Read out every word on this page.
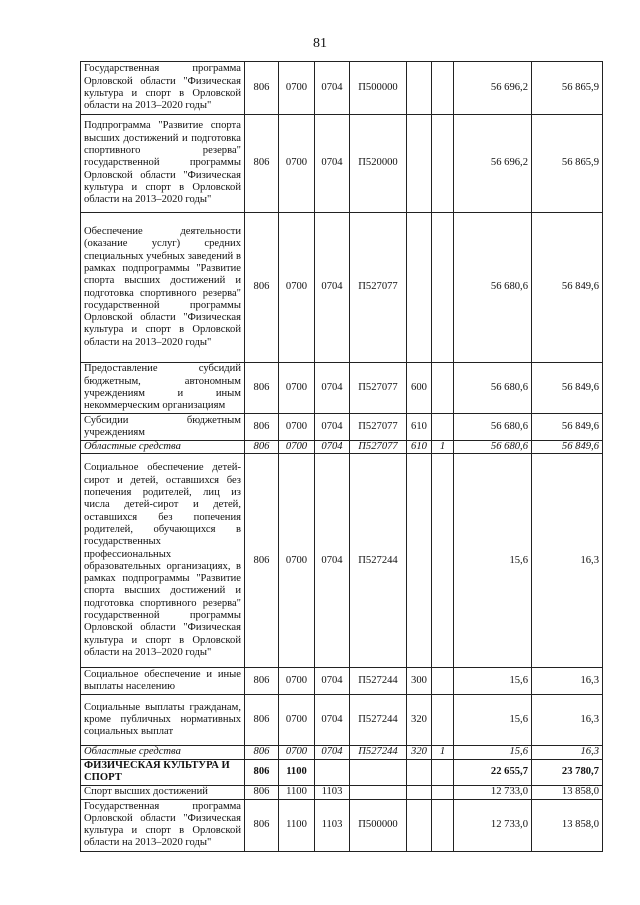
81
Государственная программа Орловской области "Физическая культура и спорт в Орловской области на 2013–2020 годы"	806	0700	0704	П500000			56 696,2	56 865,9
Подпрограмма "Развитие спорта высших достижений и подготовка спортивного резерва" государственной программы Орловской области "Физическая культура и спорт в Орловской области на 2013–2020 годы"	806	0700	0704	П520000			56 696,2	56 865,9
Обеспечение деятельности (оказание услуг) средних специальных учебных заведений в рамках подпрограммы "Развитие спорта высших достижений и подготовка спортивного резерва" государственной программы Орловской области "Физическая культура и спорт в Орловской области на 2013–2020 годы"	806	0700	0704	П527077			56 680,6	56 849,6
Предоставление субсидий бюджетным, автономным учреждениям и иным некоммерческим организациям	806	0700	0704	П527077	600		56 680,6	56 849,6
Субсидии бюджетным учреждениям	806	0700	0704	П527077	610		56 680,6	56 849,6
Областные средства	806	0700	0704	П527077	610	1	56 680,6	56 849,6
Социальное обеспечение детей-сирот и детей, оставшихся без попечения родителей, лиц из числа детей-сирот и детей, оставшихся без попечения родителей, обучающихся в государственных профессиональных образовательных организациях, в рамках подпрограммы "Развитие спорта высших достижений и подготовка спортивного резерва" государственной программы Орловской области "Физическая культура и спорт в Орловской области на 2013–2020 годы"	806	0700	0704	П527244			15,6	16,3
Социальное обеспечение и иные выплаты населению	806	0700	0704	П527244	300		15,6	16,3
Социальные выплаты гражданам, кроме публичных нормативных социальных выплат	806	0700	0704	П527244	320		15,6	16,3
Областные средства	806	0700	0704	П527244	320	1	15,6	16,3
ФИЗИЧЕСКАЯ КУЛЬТУРА И СПОРТ	806	1100					22 655,7	23 780,7
Спорт высших достижений	806	1100	1103				12 733,0	13 858,0
Государственная программа Орловской области "Физическая культура и спорт в Орловской области на 2013–2020 годы"	806	1100	1103	П500000			12 733,0	13 858,0
